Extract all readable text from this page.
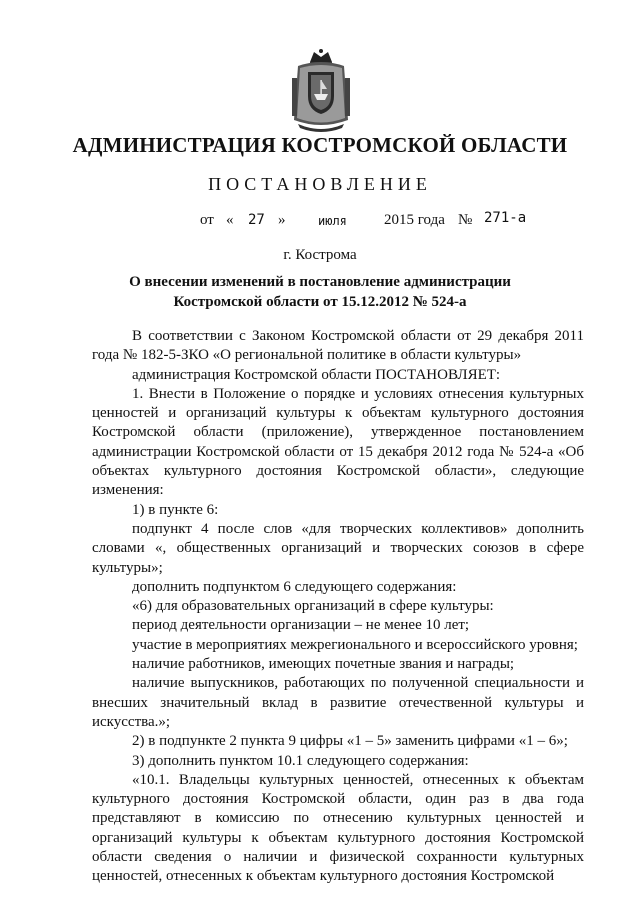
АДМИНИСТРАЦИЯ КОСТРОМСКОЙ ОБЛАСТИ
ПОСТАНОВЛЕНИЕ
от « 27 »	июля 2015 года № 271-а
г. Кострома
О внесении изменений в постановление администрации
Костромской области от 15.12.2012 № 524-а

В соответствии с Законом Костромской области от 29 декабря 2011 года № 182-5-ЗКО «О региональной политике в области культуры»

администрация Костромской области ПОСТАНОВЛЯЕТ:

1. Внести в Положение о порядке и условиях отнесения культурных ценностей и организаций культуры к объектам культурного достояния Костромской области (приложение), утвержденное постановлением администрации Костромской области от 15 декабря 2012 года № 524-а «Об объектах культурного достояния Костромской области», следующие изменения:

1) в пункте 6:

подпункт 4 после слов «для творческих коллективов» дополнить словами «, общественных организаций и творческих союзов в сфере культуры»;

дополнить подпунктом 6 следующего содержания:

«6) для образовательных организаций в сфере культуры:

период деятельности организации – не менее 10 лет;

участие в мероприятиях межрегионального и всероссийского уровня;

наличие работников, имеющих почетные звания и награды;

наличие выпускников, работающих по полученной специальности и внесших значительный вклад в развитие отечественной культуры и искусства.»;

2) в подпункте 2 пункта 9 цифры «1 – 5» заменить цифрами «1 – 6»;

3) дополнить пунктом 10.1 следующего содержания:

«10.1. Владельцы культурных ценностей, отнесенных к объектам культурного достояния Костромской области, один раз в два года представляют в комиссию по отнесению культурных ценностей и организаций культуры к объектам культурного достояния Костромской области сведения о наличии и физической сохранности культурных ценностей, отнесенных к объектам культурного достояния Костромской
